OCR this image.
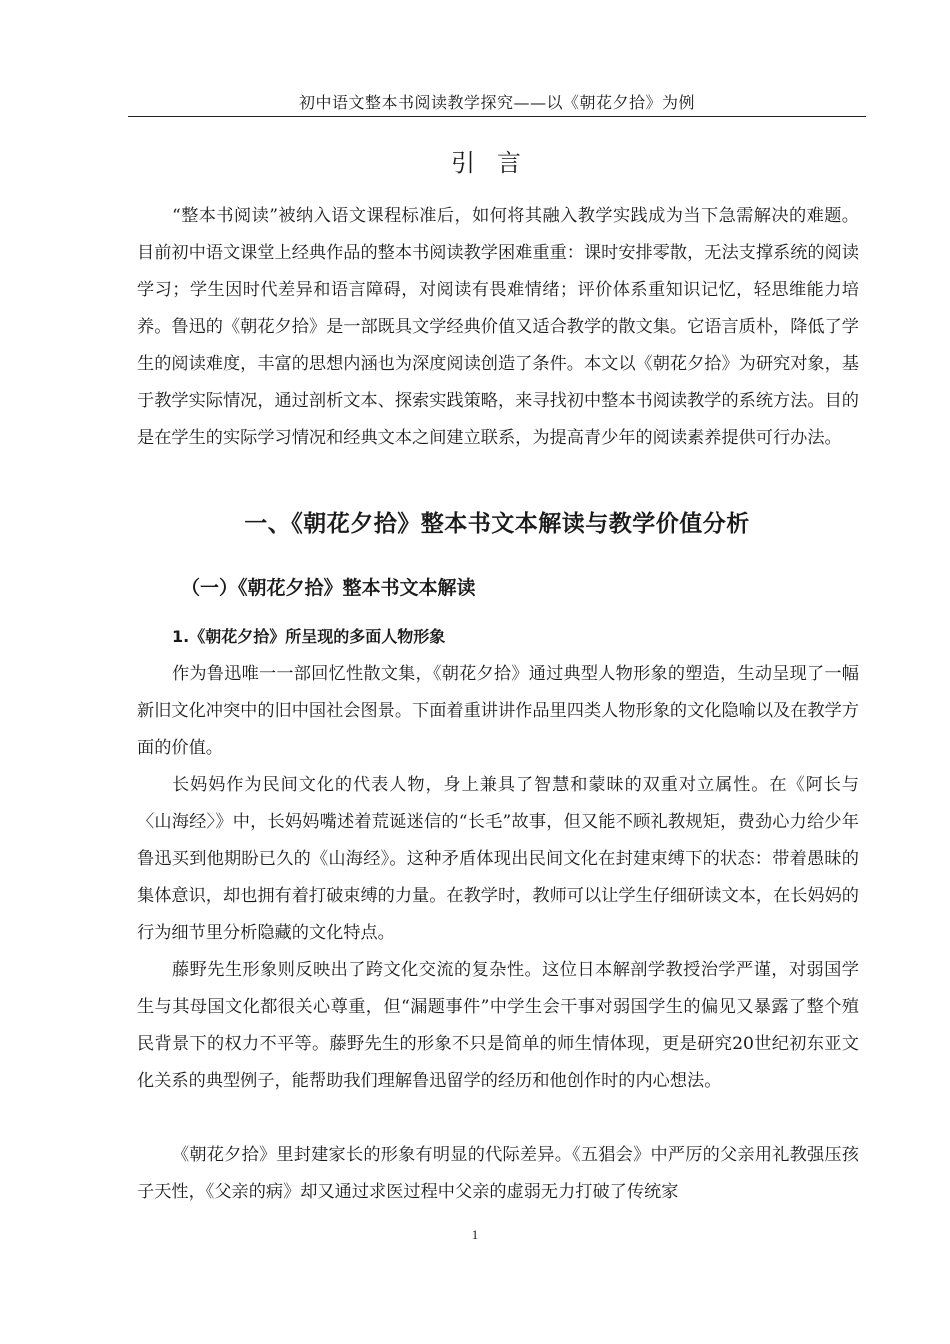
初中语文整本书阅读教学探究——以《朝花夕拾》为例
引言

“整本书阅读”被纳入语文课程标准后，如何将其融入教学实践成为当下急需解决的难题。目前初中语文课堂上经典作品的整本书阅读教学困难重重：课时安排零散，无法支撑系统的阅读学习；学生因时代差异和语言障碍，对阅读有畏难情绪；评价体系重知识记忆，轻思维能力培养。鲁迅的《朝花夕拾》是一部既具文学经典价值又适合教学的散文集。它语言质朴，降低了学生的阅读难度，丰富的思想内涵也为深度阅读创造了条件。本文以《朝花夕拾》为研究对象，基于教学实际情况，通过剖析文本、探索实践策略，来寻找初中整本书阅读教学的系统方法。目的是在学生的实际学习情况和经典文本之间建立联系，为提高青少年的阅读素养提供可行办法。

一、《朝花夕拾》整本书文本解读与教学价值分析
（一）《朝花夕拾》整本书文本解读
1.《朝花夕拾》所呈现的多面人物形象

作为鲁迅唯一一部回忆性散文集，《朝花夕拾》通过典型人物形象的塑造，生动呈现了一幅新旧文化冲突中的旧中国社会图景。下面着重讲讲作品里四类人物形象的文化隐喻以及在教学方面的价值。

长妈妈作为民间文化的代表人物，身上兼具了智慧和蒙昧的双重对立属性。在《阿长与〈山海经〉》中，长妈妈嘴述着荒诞迷信的“长毛”故事，但又能不顾礼教规矩，费劲心力给少年鲁迅买到他期盼已久的《山海经》。这种矛盾体现出民间文化在封建束缚下的状态：带着愚昧的集体意识，却也拥有着打破束缚的力量。在教学时，教师可以让学生仔细研读文本，在长妈妈的行为细节里分析隐藏的文化特点。

藤野先生形象则反映出了跨文化交流的复杂性。这位日本解剖学教授治学严谨，对弱国学生与其母国文化都很关心尊重，但“漏题事件”中学生会干事对弱国学生的偏见又暴露了整个殖民背景下的权力不平等。藤野先生的形象不只是简单的师生情体现，更是研究20世纪初东亚文化关系的典型例子，能帮助我们理解鲁迅留学的经历和他创作时的内心想法。

《朝花夕拾》里封建家长的形象有明显的代际差异。《五猖会》中严厉的父亲用礼教强压孩子天性，《父亲的病》却又通过求医过程中父亲的虚弱无力打破了传统家

1
